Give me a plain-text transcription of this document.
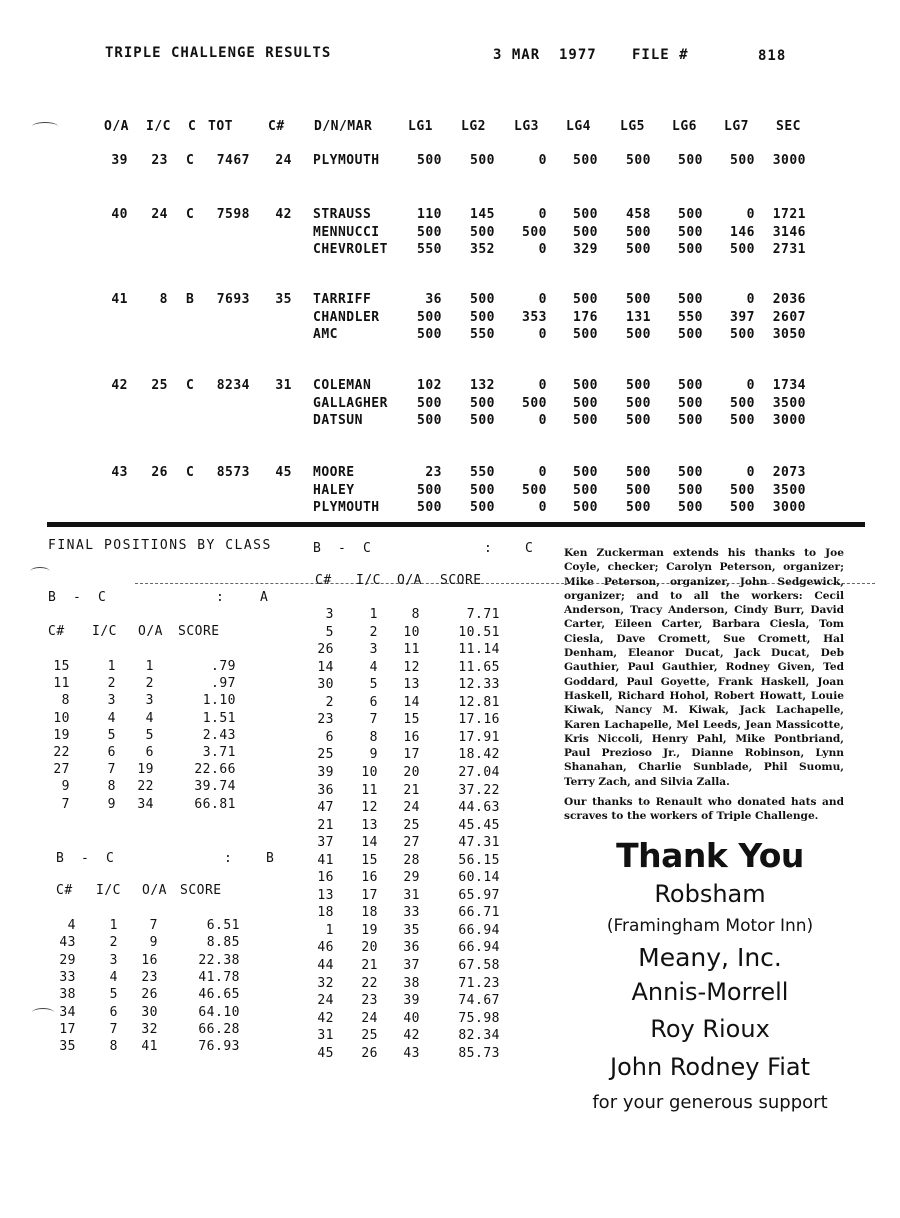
TRIPLE CHALLENGE RESULTS	3 MAR  1977	FILE #	818
O/A	I/C	C TOT	C#	D/N/MAR	LG1	LG2	LG3	LG4	LG5	LG6	LG7	SEC
39	23 C	7467	24 PLYMOUTH	500	500	0	500	500	500	500	3000
40	24 C	7598	42 STRAUSS	110	145	0	500	458	500	0	1721
MENNUCCI	500	500	500	500	500	500	146	3146
CHEVROLET	550	352	0	329	500	500	500	2731
41	8 B	7693	35 TARRIFF	36	500	0	500	500	500	0	2036
CHANDLER	500	500	353	176	131	550	397	2607
AMC	500	550	0	500	500	500	500	3050
42	25 C	8234	31 COLEMAN	102	132	0	500	500	500	0	1734
GALLAGHER	500	500	500	500	500	500	500	3500
DATSUN	500	500	0	500	500	500	500	3000
43	26 C	8573	45 MOORE	23	550	0	500	500	500	0	2073
HALEY	500	500	500	500	500	500	500	3500
PLYMOUTH	500	500	0	500	500	500	500	3000
FINAL POSITIONS BY CLASS	B  -  C	:	C
B  -  C	:	A
B  -  C	:	B
C#	I/C	O/A	SCORE
15	1	1	.79
11	2	2	.97
8	3	3	1.10
10	4	4	1.51
19	5	5	2.43
22	6	6	3.71
27	7	19	22.66
9	8	22	39.74
7	9	34	66.81
C#	I/C	O/A	SCORE
4	1	7	6.51
43	2	9	8.85
29	3	16	22.38
33	4	23	41.78
38	5	26	46.65
34	6	30	64.10
17	7	32	66.28
35	8	41	76.93
C#	I/C	O/A	SCORE
3	1	8	7.71
5	2	10	10.51
26	3	11	11.14
14	4	12	11.65
30	5	13	12.33
2	6	14	12.81
23	7	15	17.16
6	8	16	17.91
25	9	17	18.42
39	10	20	27.04
36	11	21	37.22
47	12	24	44.63
21	13	25	45.45
37	14	27	47.31
41	15	28	56.15
16	16	29	60.14
13	17	31	65.97
18	18	33	66.71
1	19	35	66.94
46	20	36	66.94
44	21	37	67.58
32	22	38	71.23
24	23	39	74.67
42	24	40	75.98
31	25	42	82.34
45	26	43	85.73

Ken Zuckerman extends his thanks to Joe Coyle, checker; Carolyn Peterson, organizer; Mike Peterson, organizer, John Sedgewick, organizer; and to all the workers: Cecil Anderson, Tracy Anderson, Cindy Burr, David Carter, Eileen Carter, Barbara Ciesla, Tom Ciesla, Dave Cromett, Sue Cromett, Hal Denham, Eleanor Ducat, Jack Ducat, Deb Gauthier, Paul Gauthier, Rodney Given, Ted Goddard, Paul Goyette, Frank Haskell, Joan Haskell, Richard Hohol, Robert Howatt, Louie Kiwak, Nancy M. Kiwak, Jack Lachapelle, Karen Lachapelle, Mel Leeds, Jean Massicotte, Kris Niccoli, Henry Pahl, Mike Pontbriand, Paul Prezioso Jr., Dianne Robinson, Lynn Shanahan, Charlie Sunblade, Phil Suomu, Terry Zach, and Silvia Zalla.

Our thanks to Renault who donated hats and scraves to the workers of Triple Challenge.

Thank You
Robsham
(Framingham Motor Inn)
Meany, Inc.
Annis-Morrell
Roy Rioux
John Rodney Fiat
for your generous support
